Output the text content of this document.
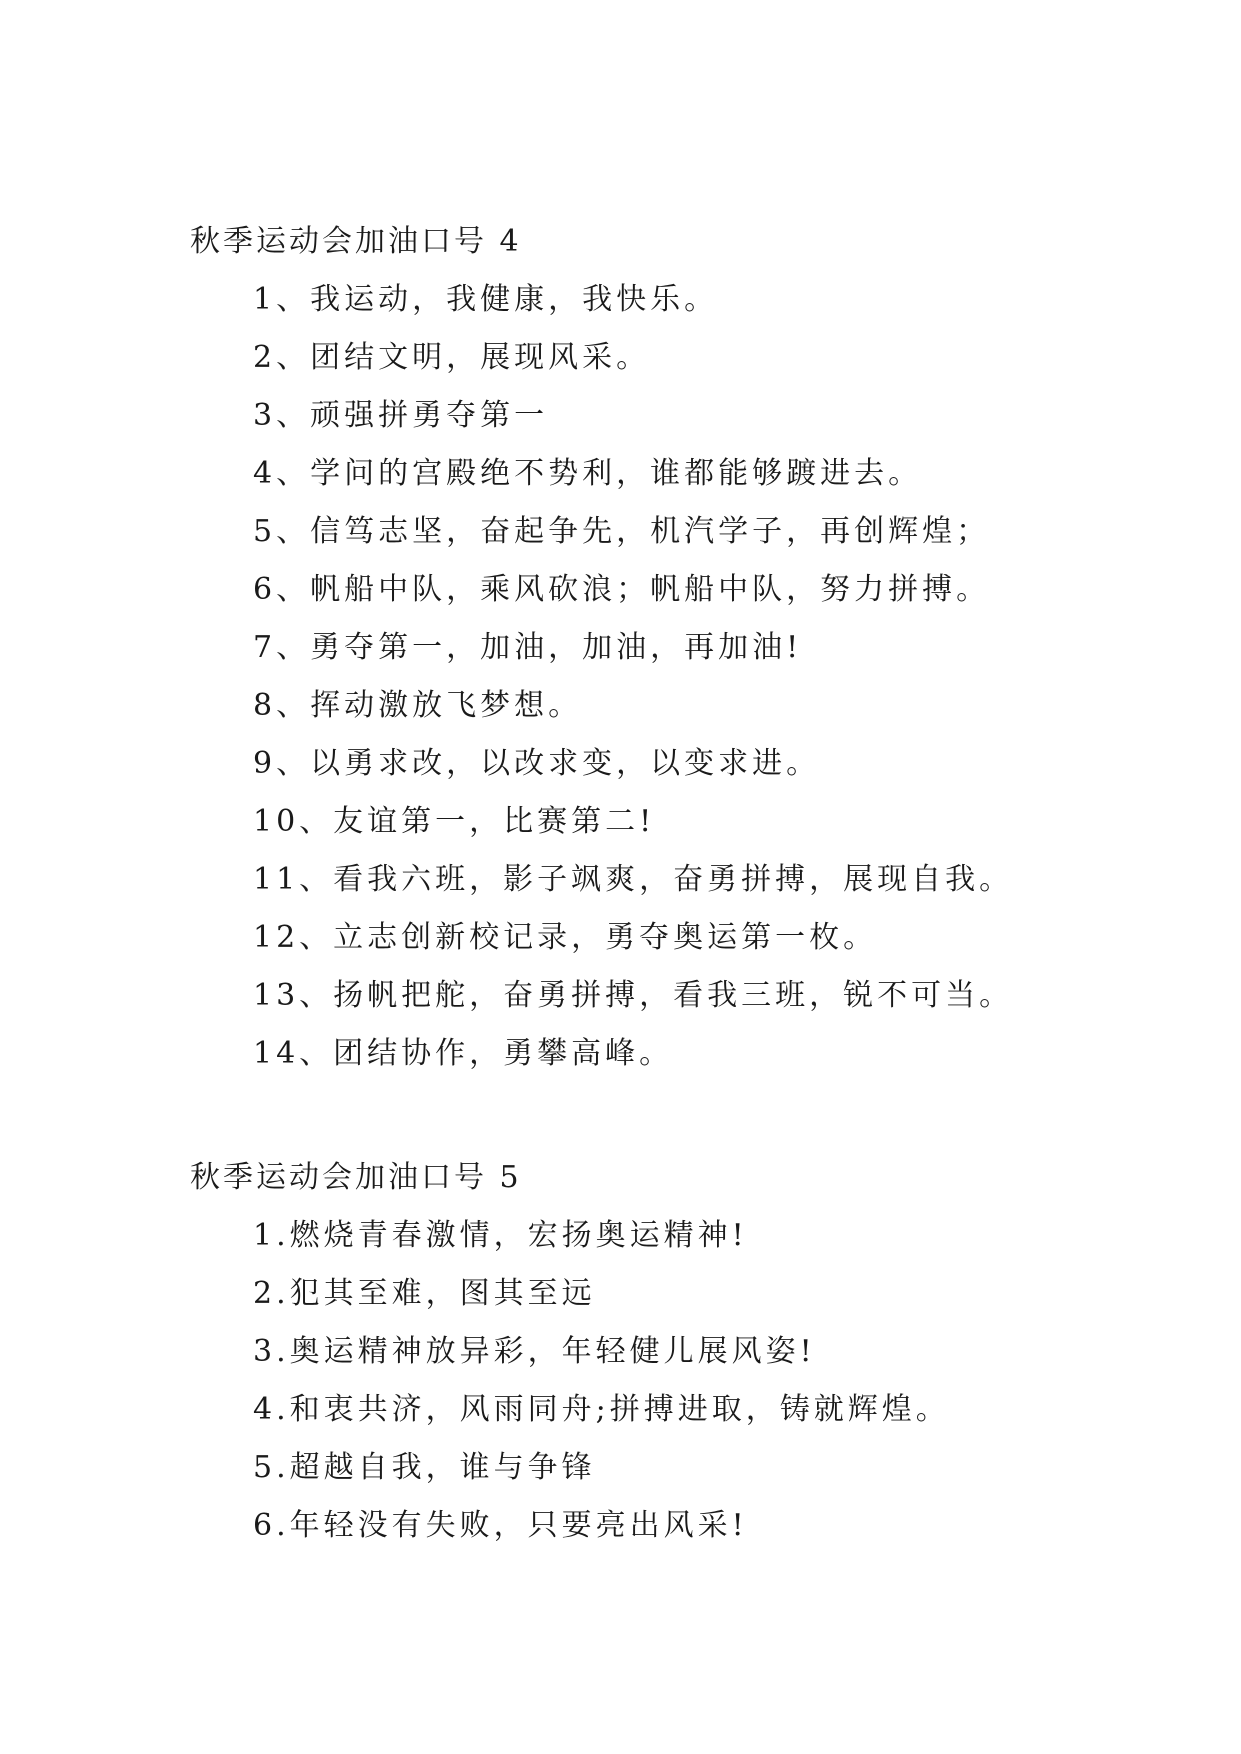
秋季运动会加油口号 4
1、我运动，我健康，我快乐。
2、团结文明，展现风采。
3、顽强拼勇夺第一
4、学问的宫殿绝不势利，谁都能够踱进去。
5、信笃志坚，奋起争先，机汽学子，再创辉煌；
6、帆船中队，乘风砍浪；帆船中队，努力拼搏。
7、勇夺第一，加油，加油，再加油!
8、挥动激放飞梦想。
9、以勇求改，以改求变，以变求进。
10、友谊第一，比赛第二!
11、看我六班，影子飒爽，奋勇拼搏，展现自我。
12、立志创新校记录，勇夺奥运第一枚。
13、扬帆把舵，奋勇拼搏，看我三班，锐不可当。
14、团结协作，勇攀高峰。
秋季运动会加油口号 5
1.燃烧青春激情，宏扬奥运精神!
2.犯其至难，图其至远
3.奥运精神放异彩，年轻健儿展风姿!
4.和衷共济，风雨同舟;拼搏进取，铸就辉煌。
5.超越自我，谁与争锋
6.年轻没有失败，只要亮出风采!
